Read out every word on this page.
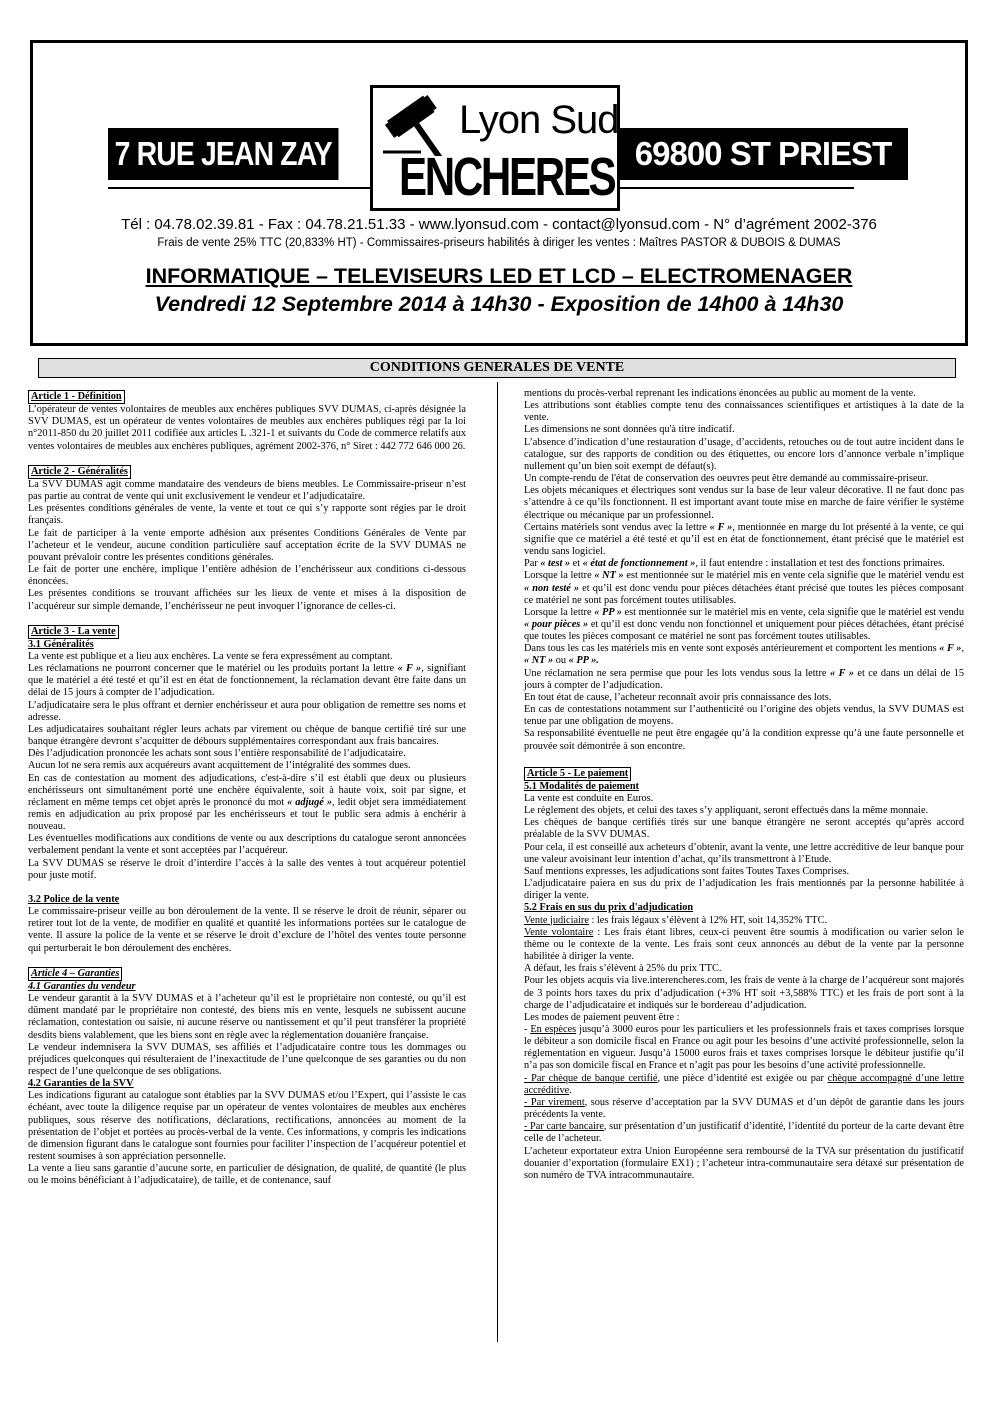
7 RUE JEAN ZAY	69800 ST PRIEST
Lyon Sud
ENCHERES
Tél : 04.78.02.39.81 - Fax : 04.78.21.51.33 - www.lyonsud.com - contact@lyonsud.com - N° d’agrément 2002-376
Frais de vente 25% TTC (20,833% HT) - Commissaires-priseurs habilités à diriger les ventes : Maîtres PASTOR & DUBOIS & DUMAS
INFORMATIQUE – TELEVISEURS LED ET LCD – ELECTROMENAGER
Vendredi 12 Septembre 2014 à 14h30 - Exposition de 14h00 à 14h30
CONDITIONS GENERALES DE VENTE
Article 1 - Définition

L’opérateur de ventes volontaires de meubles aux enchères publiques SVV DUMAS, ci-après désignée la SVV DUMAS, est un opérateur de ventes volontaires de meubles aux enchères publiques régi par la loi n°2011-850 du 20 juillet 2011 codifiée aux articles L .321-1 et suivants du Code de commerce relatifs aux ventes volontaires de meubles aux enchères publiques, agrément 2002-376, n° Siret : 442 772 646 000 26.

Article 2 - Généralités

La SVV DUMAS agit comme mandataire des vendeurs de biens meubles. Le Commissaire-priseur n’est pas partie au contrat de vente qui unit exclusivement le vendeur et l’adjudicataire.

Les présentes conditions générales de vente, la vente et tout ce qui s’y rapporte sont régies par le droit français.

Le fait de participer à la vente emporte adhésion aux présentes Conditions Générales de Vente par l’acheteur et le vendeur, aucune condition particulière sauf acceptation écrite de la SVV DUMAS ne pouvant prévaloir contre les présentes conditions générales.

Le fait de porter une enchère, implique l’entière adhésion de l’enchérisseur aux conditions ci-dessous énoncées.

Les présentes conditions se trouvant affichées sur les lieux de vente et mises à la disposition de l’acquéreur sur simple demande, l’enchérisseur ne peut invoquer l’ignorance de celles-ci.

Article 3 - La vente

3.1 Généralités

La vente est publique et a lieu aux enchères. La vente se fera expressément au comptant.

Les réclamations ne pourront concerner que le matériel ou les produits portant la lettre « F », signifiant que le matériel a été testé et qu’il est en état de fonctionnement, la réclamation devant être faite dans un délai de 15 jours à compter de l’adjudication.

L’adjudicataire sera le plus offrant et dernier enchérisseur et aura pour obligation de remettre ses noms et adresse.

Les adjudicataires souhaitant régler leurs achats par virement ou chèque de banque certifié tiré sur une banque étrangère devront s’acquitter de débours supplémentaires correspondant aux frais bancaires.

Dès l’adjudication prononcée les achats sont sous l’entière responsabilité de l’adjudicataire.

Aucun lot ne sera remis aux acquéreurs avant acquittement de l’intégralité des sommes dues.

En cas de contestation au moment des adjudications, c'est-à-dire s’il est établi que deux ou plusieurs enchérisseurs ont simultanément porté une enchère équivalente, soit à haute voix, soit par signe, et réclament en même temps cet objet après le prononcé du mot « adjugé », ledit objet sera immédiatement remis en adjudication au prix proposé par les enchérisseurs et tout le public sera admis à enchérir à nouveau.

Les éventuelles modifications aux conditions de vente ou aux descriptions du catalogue seront annoncées verbalement pendant la vente et sont acceptées par l’acquéreur.

La SVV DUMAS se réserve le droit d’interdire l’accès à la salle des ventes à tout acquéreur potentiel pour juste motif.

3.2 Police de la vente

Le commissaire-priseur veille au bon déroulement de la vente. Il se réserve le droit de réunir, séparer ou retirer tout lot de la vente, de modifier en qualité et quantité les informations portées sur le catalogue de vente. Il assure la police de la vente et se réserve le droit d’exclure de l’hôtel des ventes toute personne qui perturberait le bon déroulement des enchères.

Article 4 – Garanties

4.1 Garanties du vendeur

Le vendeur garantit à la SVV DUMAS et à l’acheteur qu’il est le propriétaire non contesté, ou qu’il est dûment mandaté par le propriétaire non contesté, des biens mis en vente, lesquels ne subissent aucune réclamation, contestation ou saisie, ni aucune réserve ou nantissement et qu’il peut transférer la propriété desdits biens valablement, que les biens sont en règle avec la réglementation douanière française.

Le vendeur indemnisera la SVV DUMAS, ses affiliés et l’adjudicataire contre tous les dommages ou préjudices quelconques qui résulteraient de l’inexactitude de l’une quelconque de ses garanties ou du non respect de l’une quelconque de ses obligations.

4.2 Garanties de la SVV

Les indications figurant au catalogue sont établies par la SVV DUMAS et/ou l’Expert, qui l’assiste le cas échéant, avec toute la diligence requise par un opérateur de ventes volontaires de meubles aux enchères publiques, sous réserve des notifications, déclarations, rectifications, annoncées au moment de la présentation de l’objet et portées au procès-verbal de la vente. Ces informations, y compris les indications de dimension figurant dans le catalogue sont fournies pour faciliter l’inspection de l’acquéreur potentiel et restent soumises à son appréciation personnelle.

La vente a lieu sans garantie d’aucune sorte, en particulier de désignation, de qualité, de quantité (le plus ou le moins bénéficiant à l’adjudicataire), de taille, et de contenance, sauf

mentions du procès-verbal reprenant les indications énoncées au public au moment de la vente.

Les attributions sont établies compte tenu des connaissances scientifiques et artistiques à la date de la vente.

Les dimensions ne sont données qu'à titre indicatif.

L’absence d’indication d’une restauration d’usage, d’accidents, retouches ou de tout autre incident dans le catalogue, sur des rapports de condition ou des étiquettes, ou encore lors d’annonce verbale n’implique nullement qu’un bien soit exempt de défaut(s).

Un compte-rendu de l'état de conservation des oeuvres peut être demandé au commissaire-priseur.

Les objets mécaniques et électriques sont vendus sur la base de leur valeur décorative. Il ne faut donc pas s’attendre à ce qu’ils fonctionnent. Il est important avant toute mise en marche de faire vérifier le système électrique ou mécanique par un professionnel.

Certains matériels sont vendus avec la lettre « F », mentionnée en marge du lot présenté à la vente, ce qui signifie que ce matériel a été testé et qu’il est en état de fonctionnement, étant précisé que le matériel est vendu sans logiciel.

Par « test » et « état de fonctionnement », il faut entendre : installation et test des fonctions primaires.

Lorsque la lettre « NT » est mentionnée sur le matériel mis en vente cela signifie que le matériel vendu est « non testé » et qu’il est donc vendu pour pièces détachées étant précisé que toutes les pièces composant ce matériel ne sont pas forcément toutes utilisables.

Lorsque la lettre « PP » est mentionnée sur le matériel mis en vente, cela signifie que le matériel est vendu « pour pièces » et qu’il est donc vendu non fonctionnel et uniquement pour pièces détachées, étant précisé que toutes les pièces composant ce matériel ne sont pas forcément toutes utilisables.

Dans tous les cas les matériels mis en vente sont exposés antérieurement et comportent les mentions « F », « NT » ou « PP ».

Une réclamation ne sera permise que pour les lots vendus sous la lettre « F » et ce dans un délai de 15 jours à compter de l’adjudication.

En tout état de cause, l’acheteur reconnaît avoir pris connaissance des lots.

En cas de contestations notamment sur l’authenticité ou l’origine des objets vendus, la SVV DUMAS est tenue par une obligation de moyens.

Sa responsabilité éventuelle ne peut être engagée qu’à la condition expresse qu’à une faute personnelle et prouvée soit démontrée à son encontre.

Article 5 - Le paiement

5.1 Modalités de paiement

La vente est conduite en Euros.

Le règlement des objets, et celui des taxes s’y appliquant, seront effectués dans la même monnaie.

Les chèques de banque certifiés tirés sur une banque étrangère ne seront acceptés qu’après accord préalable de la SVV DUMAS.

Pour cela, il est conseillé aux acheteurs d’obtenir, avant la vente, une lettre accréditive de leur banque pour une valeur avoisinant leur intention d’achat, qu’ils transmettront à l’Etude.

Sauf mentions expresses, les adjudications sont faites Toutes Taxes Comprises.

L’adjudicataire paiera en sus du prix de l’adjudication les frais mentionnés par la personne habilitée à diriger la vente.

5.2 Frais en sus du prix d'adjudication

Vente judiciaire : les frais légaux s’élèvent à 12% HT, soit 14,352% TTC.

Vente volontaire : Les frais étant libres, ceux-ci peuvent être soumis à modification ou varier selon le thème ou le contexte de la vente. Les frais sont ceux annoncés au début de la vente par la personne habilitée à diriger la vente.

A défaut, les frais s’élèvent à 25% du prix TTC.

Pour les objets acquis via live.interencheres.com, les frais de vente à la charge de l’acquéreur sont majorés de 3 points hors taxes du prix d’adjudication (+3% HT soit +3,588% TTC) et les frais de port sont à la charge de l’adjudicataire et indiqués sur le bordereau d’adjudication.

Les modes de paiement peuvent être :

- En espèces jusqu’à 3000 euros pour les particuliers et les professionnels frais et taxes comprises lorsque le débiteur a son domicile fiscal en France ou agit pour les besoins d’une activité professionnelle, selon la réglementation en vigueur. Jusqu’à 15000 euros frais et taxes comprises lorsque le débiteur justifie qu’il n’a pas son domicile fiscal en France et n’agit pas pour les besoins d’une activité professionnelle.

- Par chèque de banque certifié, une pièce d’identité est exigée ou par chèque accompagné d’une lettre accréditive.

- Par virement, sous réserve d’acceptation par la SVV DUMAS et d’un dépôt de garantie dans les jours précédents la vente.

- Par carte bancaire, sur présentation d’un justificatif d’identité, l’identité du porteur de la carte devant être celle de l’acheteur.

L’acheteur exportateur extra Union Européenne sera remboursé de la TVA sur présentation du justificatif douanier d’exportation (formulaire EX1) ; l’acheteur intra-communautaire sera détaxé sur présentation de son numéro de TVA intracommunautaire.
